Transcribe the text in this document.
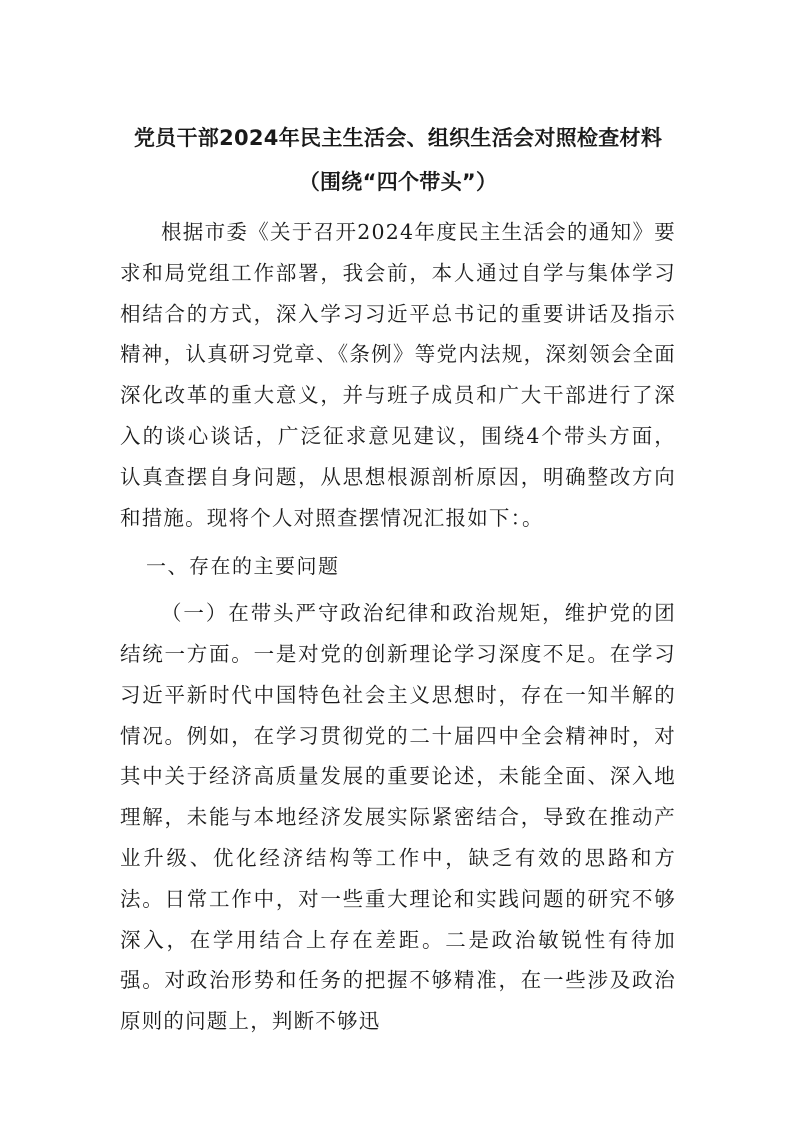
党员干部2024年民主生活会、组织生活会对照检查材料（围绕“四个带头”）

根据市委《关于召开2024年度民主生活会的通知》要求和局党组工作部署，我会前，本人通过自学与集体学习相结合的方式，深入学习习近平总书记的重要讲话及指示精神，认真研习党章、《条例》等党内法规，深刻领会全面深化改革的重大意义，并与班子成员和广大干部进行了深入的谈心谈话，广泛征求意见建议，围绕4个带头方面，认真查摆自身问题，从思想根源剖析原因，明确整改方向和措施。现将个人对照查摆情况汇报如下：。

一、存在的主要问题

（一）在带头严守政治纪律和政治规矩，维护党的团结统一方面。一是对党的创新理论学习深度不足。在学习习近平新时代中国特色社会主义思想时，存在一知半解的情况。例如，在学习贯彻党的二十届四中全会精神时，对其中关于经济高质量发展的重要论述，未能全面、深入地理解，未能与本地经济发展实际紧密结合，导致在推动产业升级、优化经济结构等工作中，缺乏有效的思路和方法。日常工作中，对一些重大理论和实践问题的研究不够深入，在学用结合上存在差距。二是政治敏锐性有待加强。对政治形势和任务的把握不够精准，在一些涉及政治原则的问题上，判断不够迅
